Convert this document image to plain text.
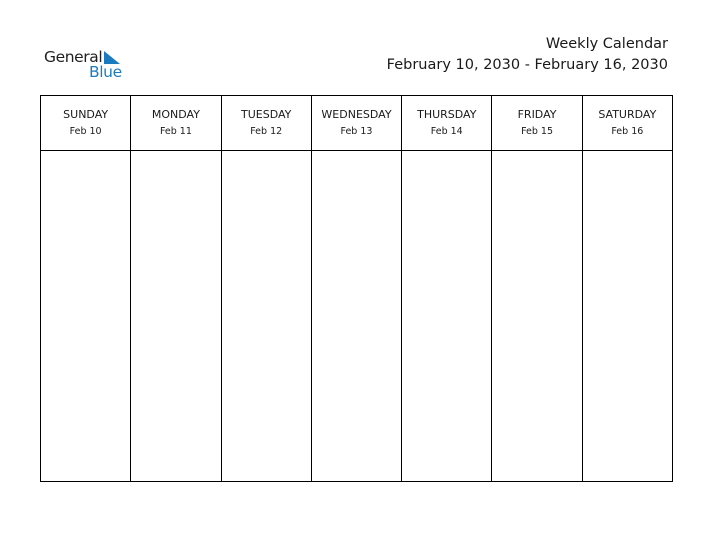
General
Blue
Weekly Calendar
February 10, 2030 - February 16, 2030
SUNDAY
Feb 10
MONDAY
Feb 11
TUESDAY
Feb 12
WEDNESDAY
Feb 13
THURSDAY
Feb 14
FRIDAY
Feb 15
SATURDAY
Feb 16
